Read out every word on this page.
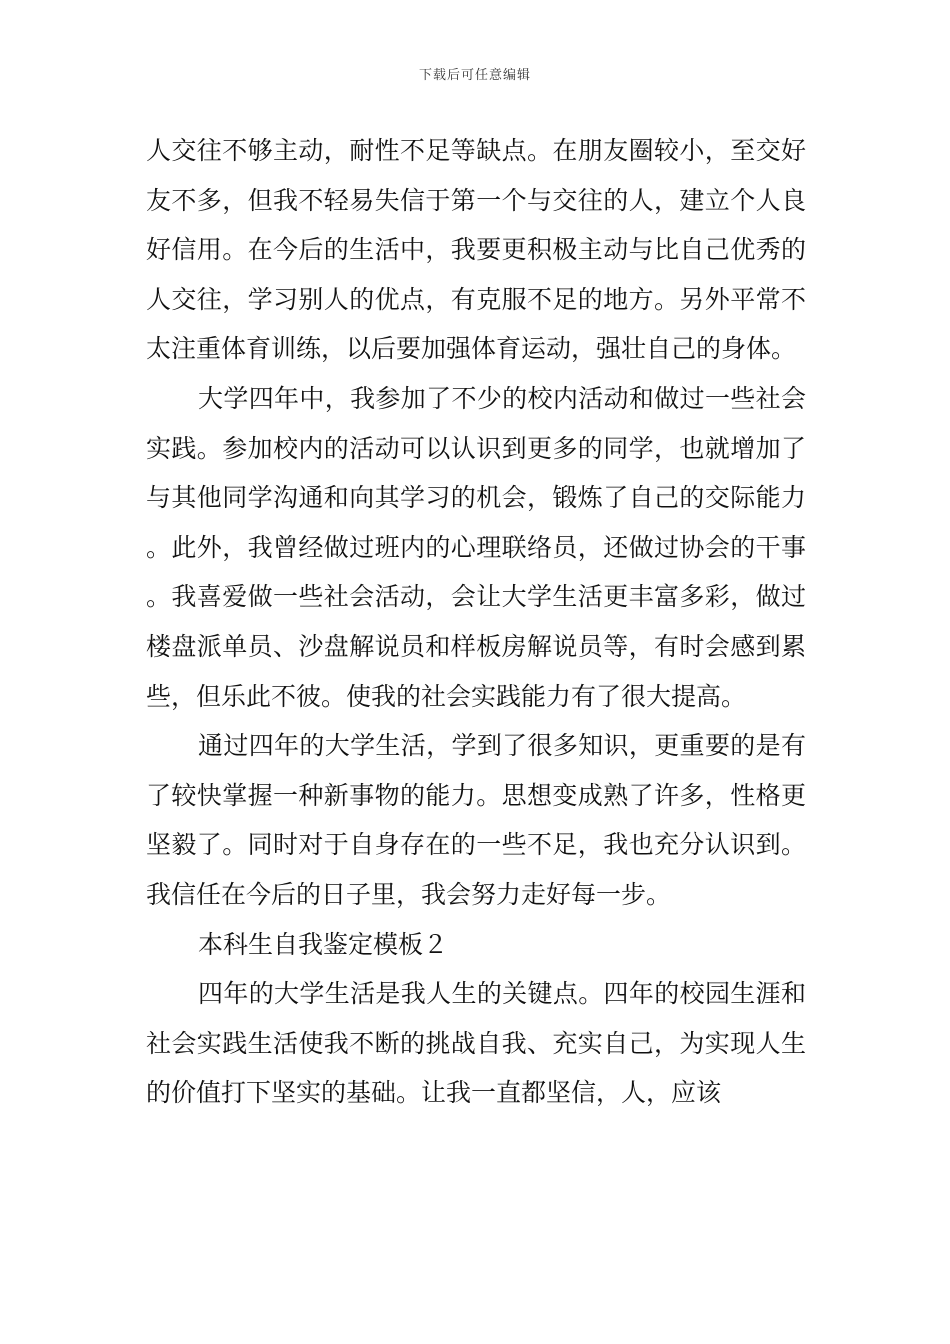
下载后可任意编辑

人交往不够主动，耐性不足等缺点。在朋友圈较小，至交好友不多，但我不轻易失信于第一个与交往的人，建立个人良好信用。在今后的生活中，我要更积极主动与比自己优秀的人交往，学习别人的优点，有克服不足的地方。另外平常不太注重体育训练，以后要加强体育运动，强壮自己的身体。

大学四年中，我参加了不少的校内活动和做过一些社会实践。参加校内的活动可以认识到更多的同学，也就增加了与其他同学沟通和向其学习的机会，锻炼了自己的交际能力。此外，我曾经做过班内的心理联络员，还做过协会的干事。我喜爱做一些社会活动，会让大学生活更丰富多彩，做过楼盘派单员、沙盘解说员和样板房解说员等，有时会感到累些，但乐此不彼。使我的社会实践能力有了很大提高。

通过四年的大学生活，学到了很多知识，更重要的是有了较快掌握一种新事物的能力。思想变成熟了许多，性格更坚毅了。同时对于自身存在的一些不足，我也充分认识到。我信任在今后的日子里，我会努力走好每一步。

本科生自我鉴定模板２

四年的大学生活是我人生的关键点。四年的校园生涯和社会实践生活使我不断的挑战自我、充实自己，为实现人生的价值打下坚实的基础。让我一直都坚信，人，应该
